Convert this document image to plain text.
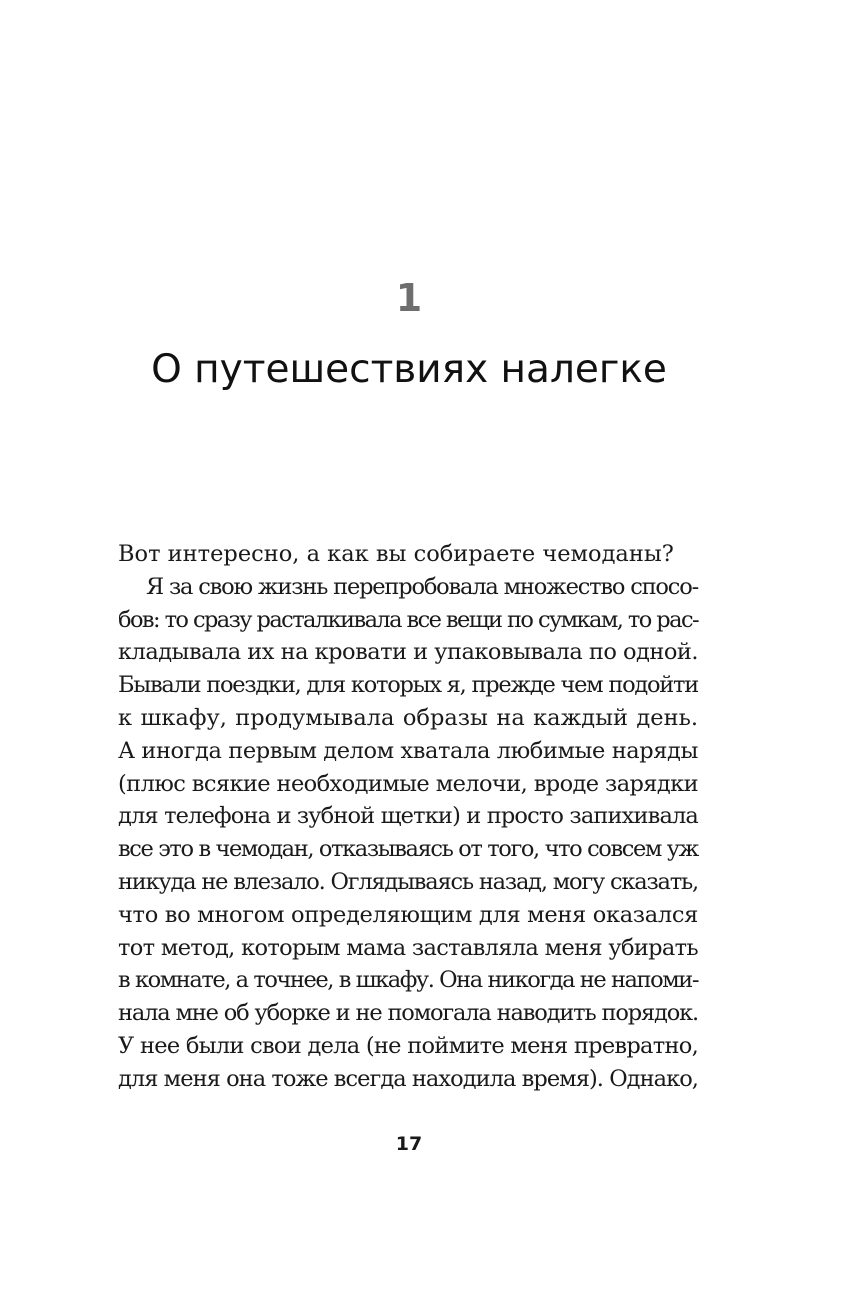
1
О путешествиях налегке
Вот интересно, а как вы собираете чемоданы?
Я за свою жизнь перепробовала множество спосо-
бов: то сразу расталкивала все вещи по сумкам, то рас-
кладывала их на кровати и упаковывала по одной.
Бывали поездки, для которых я, прежде чем подойти
к шкафу, продумывала образы на каждый день.
А иногда первым делом хватала любимые наряды
(плюс всякие необходимые мелочи, вроде зарядки
для телефона и зубной щетки) и просто запихивала
все это в чемодан, отказываясь от того, что совсем уж
никуда не влезало. Оглядываясь назад, могу сказать,
что во многом определяющим для меня оказался
тот метод, которым мама заставляла меня убирать
в комнате, а точнее, в шкафу. Она никогда не напоми-
нала мне об уборке и не помогала наводить порядок.
У нее были свои дела (не поймите меня превратно,
для меня она тоже всегда находила время). Однако,
17
